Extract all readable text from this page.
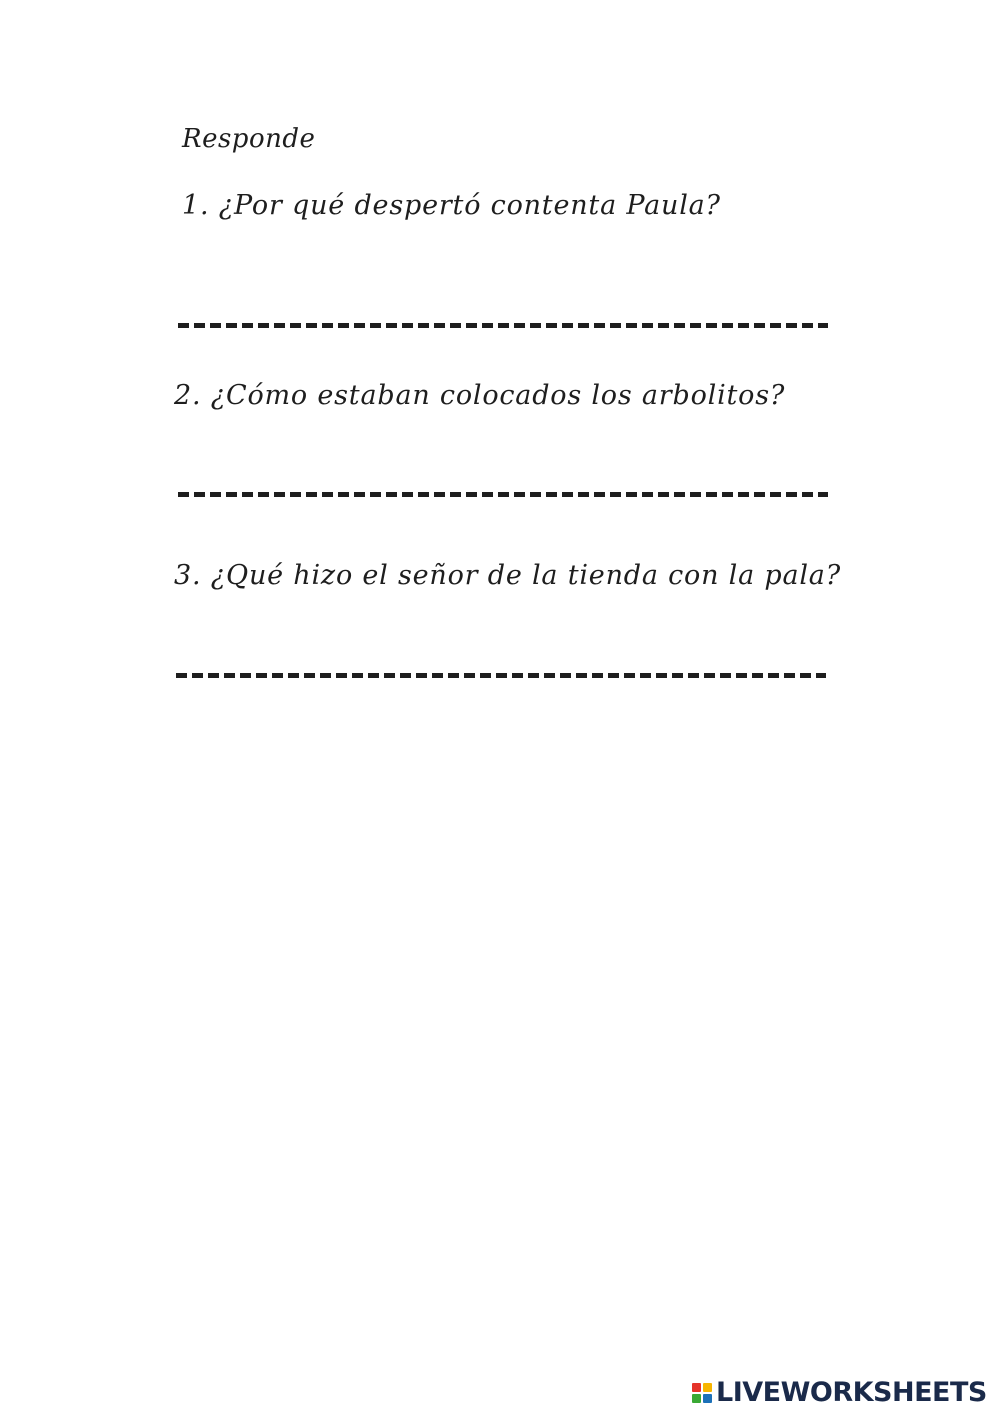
Responde
1. ¿Por qué despertó contenta Paula?
2. ¿Cómo estaban colocados los arbolitos?
3. ¿Qué hizo el señor de la tienda con la pala?
LIVEWORKSHEETS
